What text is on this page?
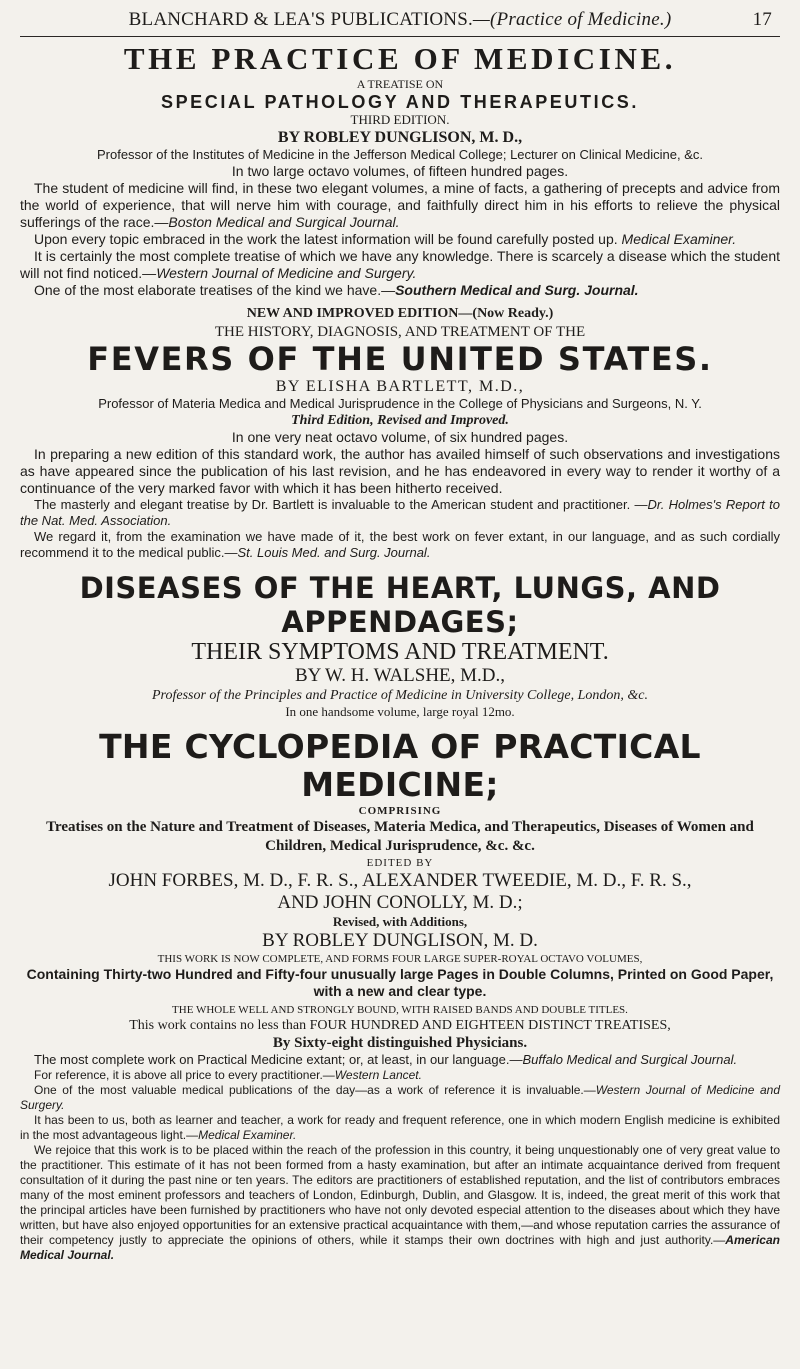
BLANCHARD & LEA'S PUBLICATIONS. —(Practice of Medicine.)	17
THE PRACTICE OF MEDICINE.
A TREATISE ON
SPECIAL PATHOLOGY AND THERAPEUTICS.
THIRD EDITION.
BY ROBLEY DUNGLISON, M. D.,
Professor of the Institutes of Medicine in the Jefferson Medical College; Lecturer on Clinical Medicine, &c.
In two large octavo volumes, of fifteen hundred pages.

The student of medicine will find, in these two elegant volumes, a mine of facts, a gathering of precepts and advice from the world of experience, that will nerve him with courage, and faithfully direct him in his efforts to relieve the physical sufferings of the race.—Boston Medical and Surgical Journal.

Upon every topic embraced in the work the latest information will be found carefully posted up. Medical Examiner.

It is certainly the most complete treatise of which we have any knowledge. There is scarcely a disease which the student will not find noticed.—Western Journal of Medicine and Surgery.

One of the most elaborate treatises of the kind we have.—Southern Medical and Surg. Journal.

NEW AND IMPROVED EDITION—(Now Ready.)
THE HISTORY, DIAGNOSIS, AND TREATMENT OF THE
FEVERS OF THE UNITED STATES.
BY ELISHA BARTLETT, M.D.,
Professor of Materia Medica and Medical Jurisprudence in the College of Physicians and Surgeons, N. Y.
Third Edition, Revised and Improved.
In one very neat octavo volume, of six hundred pages.

In preparing a new edition of this standard work, the author has availed himself of such observations and investigations as have appeared since the publication of his last revision, and he has endeavored in every way to render it worthy of a continuance of the very marked favor with which it has been hitherto received.

The masterly and elegant treatise by Dr. Bartlett is invaluable to the American student and practitioner. —Dr. Holmes's Report to the Nat. Med. Association.

We regard it, from the examination we have made of it, the best work on fever extant, in our language, and as such cordially recommend it to the medical public.—St. Louis Med. and Surg. Journal.

DISEASES OF THE HEART, LUNGS, AND APPENDAGES;
THEIR SYMPTOMS AND TREATMENT.
BY W. H. WALSHE, M.D.,
Professor of the Principles and Practice of Medicine in University College, London, &c.
In one handsome volume, large royal 12mo.
THE CYCLOPEDIA OF PRACTICAL MEDICINE;
COMPRISING
Treatises on the Nature and Treatment of Diseases, Materia Medica, and Therapeutics, Diseases of Women and Children, Medical Jurisprudence, &c. &c.
EDITED BY
JOHN FORBES, M. D., F. R. S., ALEXANDER TWEEDIE, M. D., F. R. S.,
AND JOHN CONOLLY, M. D.;
Revised, with Additions,
BY ROBLEY DUNGLISON, M. D.
THIS WORK IS NOW COMPLETE, AND FORMS FOUR LARGE SUPER-ROYAL OCTAVO VOLUMES,
Containing Thirty-two Hundred and Fifty-four unusually large Pages in Double Columns, Printed on Good Paper, with a new and clear type.
THE WHOLE WELL AND STRONGLY BOUND, WITH RAISED BANDS AND DOUBLE TITLES.
This work contains no less than FOUR HUNDRED AND EIGHTEEN DISTINCT TREATISES,
By Sixty-eight distinguished Physicians.

The most complete work on Practical Medicine extant; or, at least, in our language.—Buffalo Medical and Surgical Journal.

For reference, it is above all price to every practitioner.—Western Lancet.

One of the most valuable medical publications of the day—as a work of reference it is invaluable.—Western Journal of Medicine and Surgery.

It has been to us, both as learner and teacher, a work for ready and frequent reference, one in which modern English medicine is exhibited in the most advantageous light.—Medical Examiner.

We rejoice that this work is to be placed within the reach of the profession in this country, it being unquestionably one of very great value to the practitioner. This estimate of it has not been formed from a hasty examination, but after an intimate acquaintance derived from frequent consultation of it during the past nine or ten years. The editors are practitioners of established reputation, and the list of contributors embraces many of the most eminent professors and teachers of London, Edinburgh, Dublin, and Glasgow. It is, indeed, the great merit of this work that the principal articles have been furnished by practitioners who have not only devoted especial attention to the diseases about which they have written, but have also enjoyed opportunities for an extensive practical acquaintance with them,—and whose reputation carries the assurance of their competency justly to appreciate the opinions of others, while it stamps their own doctrines with high and just authority.—American Medical Journal.
